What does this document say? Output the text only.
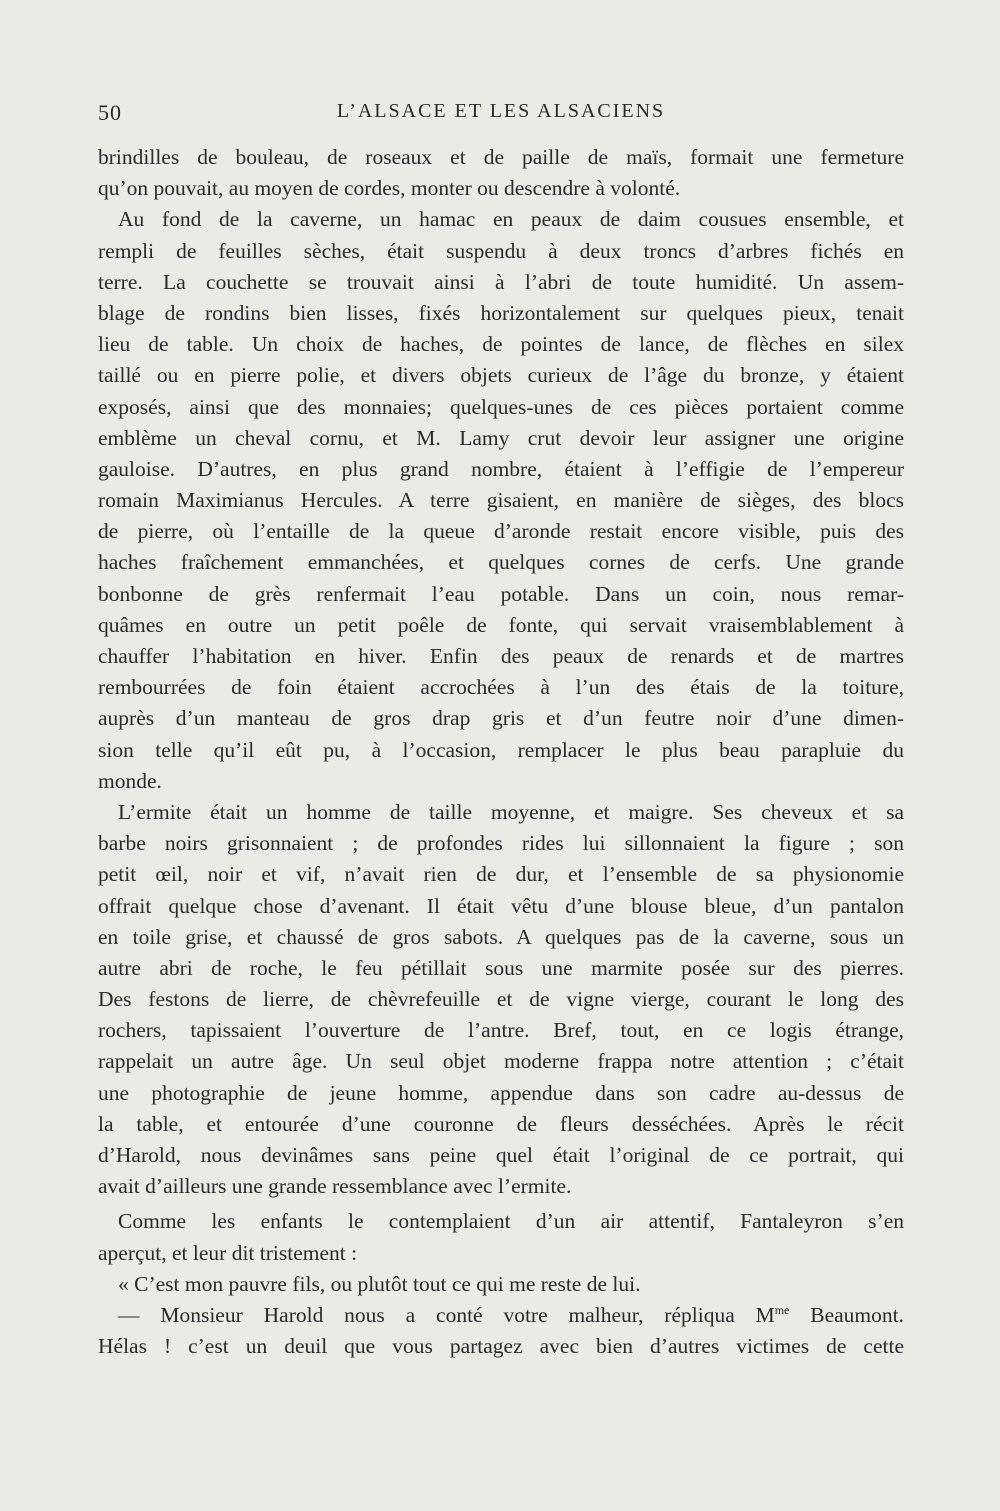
50	L’ALSACE ET LES ALSACIENS
brindilles de bouleau, de roseaux et de paille de maïs, formait une fermeture
qu’on pouvait, au moyen de cordes, monter ou descendre à volonté.
Au fond de la caverne, un hamac en peaux de daim cousues ensemble, et
rempli de feuilles sèches, était suspendu à deux troncs d’arbres fichés en
terre. La couchette se trouvait ainsi à l’abri de toute humidité. Un assem-
blage de rondins bien lisses, fixés horizontalement sur quelques pieux, tenait
lieu de table. Un choix de haches, de pointes de lance, de flèches en silex
taillé ou en pierre polie, et divers objets curieux de l’âge du bronze, y étaient
exposés, ainsi que des monnaies; quelques-unes de ces pièces portaient comme
emblème un cheval cornu, et M. Lamy crut devoir leur assigner une origine
gauloise. D’autres, en plus grand nombre, étaient à l’effigie de l’empereur
romain Maximianus Hercules. A terre gisaient, en manière de sièges, des blocs
de pierre, où l’entaille de la queue d’aronde restait encore visible, puis des
haches fraîchement emmanchées, et quelques cornes de cerfs. Une grande
bonbonne de grès renfermait l’eau potable. Dans un coin, nous remar-
quâmes en outre un petit poêle de fonte, qui servait vraisemblablement à
chauffer l’habitation en hiver. Enfin des peaux de renards et de martres
rembourrées de foin étaient accrochées à l’un des étais de la toiture,
auprès d’un manteau de gros drap gris et d’un feutre noir d’une dimen-
sion telle qu’il eût pu, à l’occasion, remplacer le plus beau parapluie du
monde.
L’ermite était un homme de taille moyenne, et maigre. Ses cheveux et sa
barbe noirs grisonnaient ; de profondes rides lui sillonnaient la figure ; son
petit œil, noir et vif, n’avait rien de dur, et l’ensemble de sa physionomie
offrait quelque chose d’avenant. Il était vêtu d’une blouse bleue, d’un pantalon
en toile grise, et chaussé de gros sabots. A quelques pas de la caverne, sous un
autre abri de roche, le feu pétillait sous une marmite posée sur des pierres.
Des festons de lierre, de chèvrefeuille et de vigne vierge, courant le long des
rochers, tapissaient l’ouverture de l’antre. Bref, tout, en ce logis étrange,
rappelait un autre âge. Un seul objet moderne frappa notre attention ; c’était
une photographie de jeune homme, appendue dans son cadre au-dessus de
la table, et entourée d’une couronne de fleurs desséchées. Après le récit
d’Harold, nous devinâmes sans peine quel était l’original de ce portrait, qui
avait d’ailleurs une grande ressemblance avec l’ermite.
Comme les enfants le contemplaient d’un air attentif, Fantaleyron s’en
aperçut, et leur dit tristement :
« C’est mon pauvre fils, ou plutôt tout ce qui me reste de lui.
— Monsieur Harold nous a conté votre malheur, répliqua $M^{me}$ Beaumont.
Hélas ! c’est un deuil que vous partagez avec bien d’autres victimes de cette
